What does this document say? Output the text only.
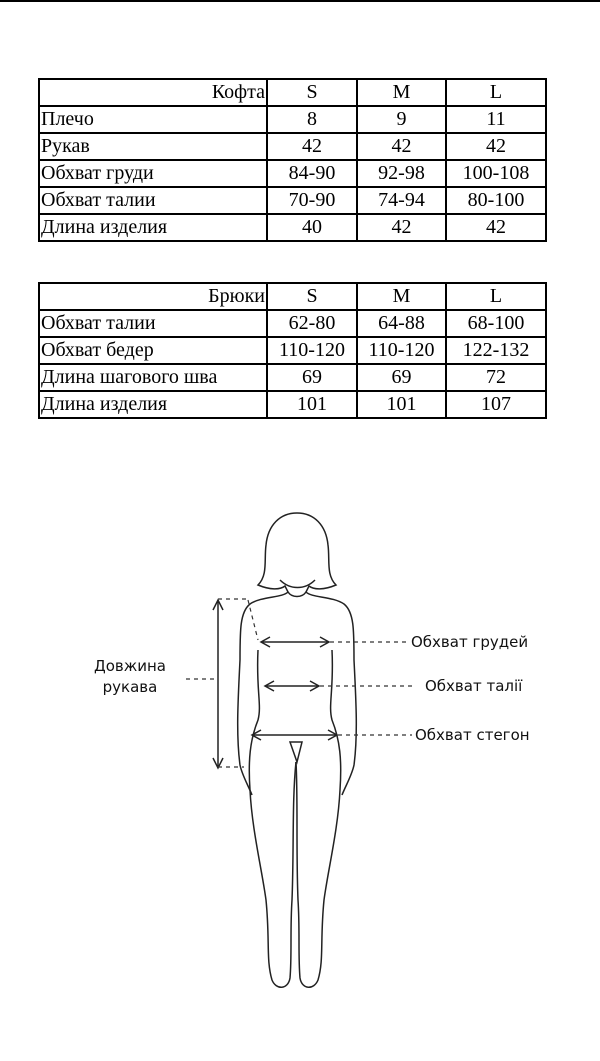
Кофта	S	M	L
Плечо	8	9	11
Рукав	42	42	42
Обхват груди	84-90	92-98	100-108
Обхват талии	70-90	74-94	80-100
Длина изделия	40	42	42
Брюки	S	M	L
Обхват талии	62-80	64-88	68-100
Обхват бедер	110-120	110-120	122-132
Длина шагового шва	69	69	72
Длина изделия	101	101	107
Довжина
рукава
Обхват грудей
Обхват талії
Обхват стегон
